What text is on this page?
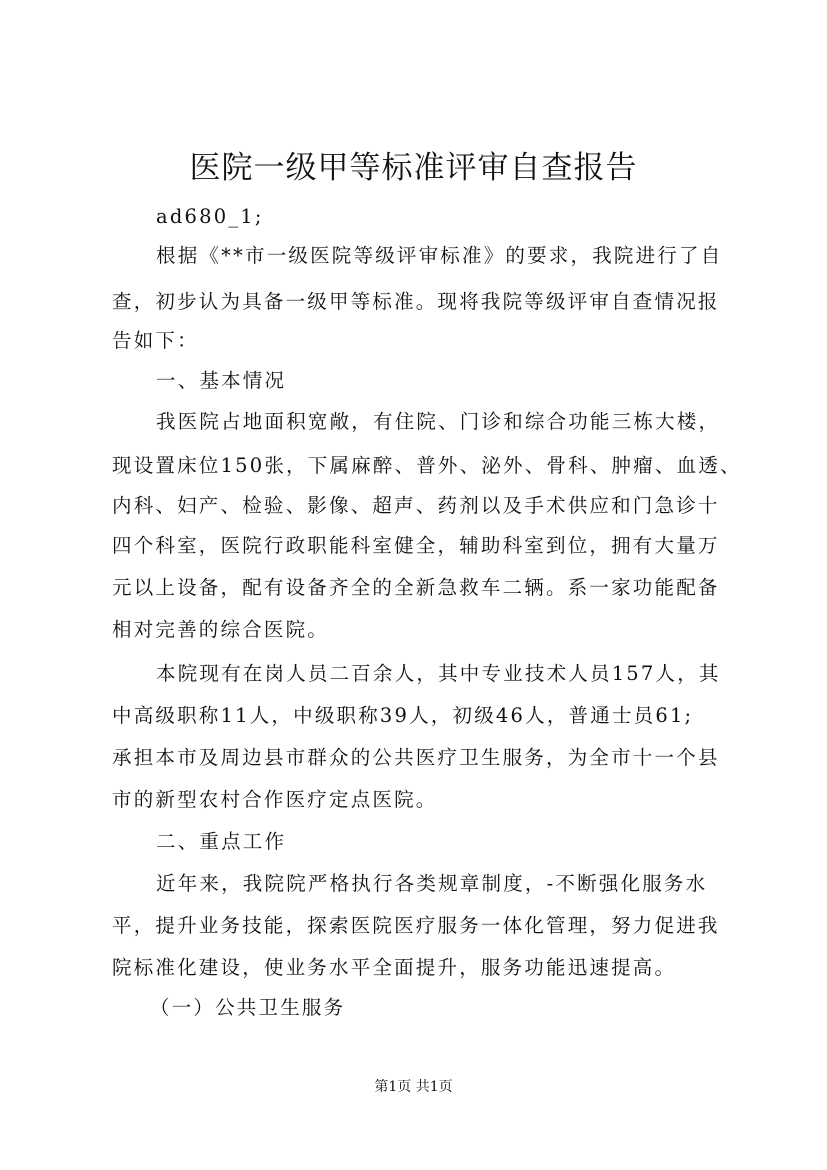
医院一级甲等标准评审自查报告
ad680_1;
根据《**市一级医院等级评审标准》的要求，我院进行了自
查，初步认为具备一级甲等标准。现将我院等级评审自查情况报
告如下：
一、基本情况
我医院占地面积宽敞，有住院、门诊和综合功能三栋大楼，
现设置床位150张，下属麻醉、普外、泌外、骨科、肿瘤、血透、
内科、妇产、检验、影像、超声、药剂以及手术供应和门急诊十
四个科室，医院行政职能科室健全，辅助科室到位，拥有大量万
元以上设备，配有设备齐全的全新急救车二辆。系一家功能配备
相对完善的综合医院。
本院现有在岗人员二百余人，其中专业技术人员157人，其
中高级职称11人，中级职称39人，初级46人，普通士员61;
承担本市及周边县市群众的公共医疗卫生服务，为全市十一个县
市的新型农村合作医疗定点医院。
二、重点工作
近年来，我院院严格执行各类规章制度，-不断强化服务水
平，提升业务技能，探索医院医疗服务一体化管理，努力促进我
院标准化建设，使业务水平全面提升，服务功能迅速提高。
（一）公共卫生服务
第1页 共1页
